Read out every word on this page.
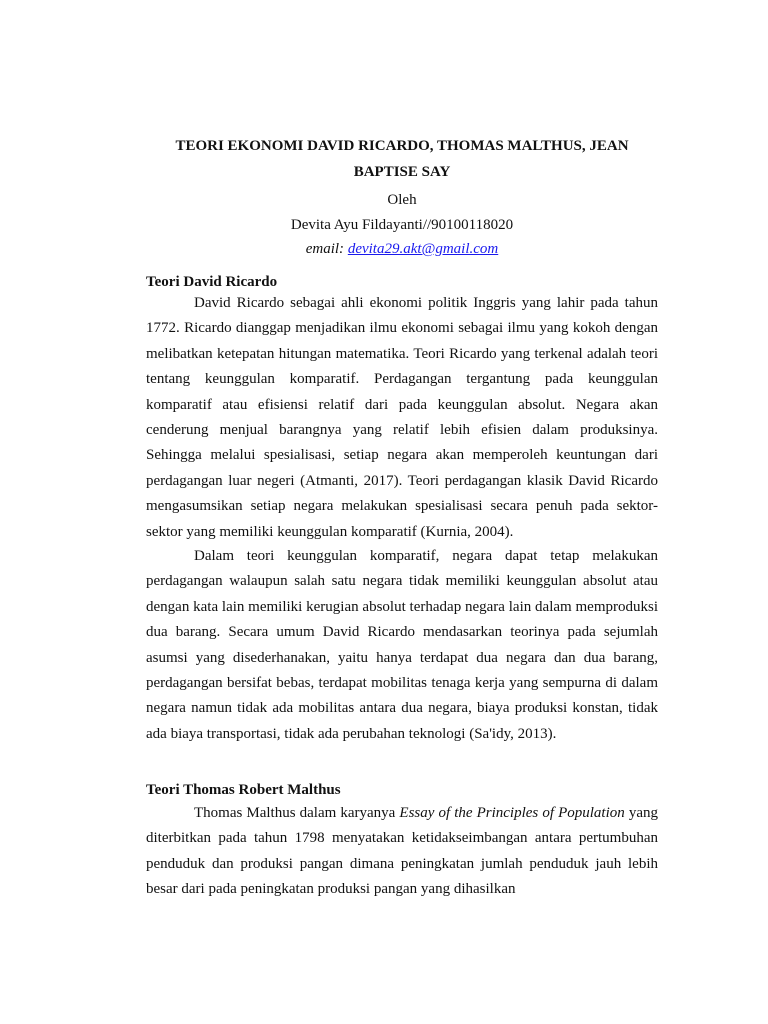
TEORI EKONOMI DAVID RICARDO, THOMAS MALTHUS, JEAN BAPTISE SAY
Oleh
Devita Ayu Fildayanti//90100118020
email: devita29.akt@gmail.com
Teori David Ricardo

David Ricardo sebagai ahli ekonomi politik Inggris yang lahir pada tahun 1772. Ricardo dianggap menjadikan ilmu ekonomi sebagai ilmu yang kokoh dengan melibatkan ketepatan hitungan matematika. Teori Ricardo yang terkenal adalah teori tentang keunggulan komparatif. Perdagangan tergantung pada keunggulan komparatif atau efisiensi relatif dari pada keunggulan absolut. Negara akan cenderung menjual barangnya yang relatif lebih efisien dalam produksinya. Sehingga melalui spesialisasi, setiap negara akan memperoleh keuntungan dari perdagangan luar negeri (Atmanti, 2017). Teori perdagangan klasik David Ricardo mengasumsikan setiap negara melakukan spesialisasi secara penuh pada sektor-sektor yang memiliki keunggulan komparatif (Kurnia, 2004).

Dalam teori keunggulan komparatif, negara dapat tetap melakukan perdagangan walaupun salah satu negara tidak memiliki keunggulan absolut atau dengan kata lain memiliki kerugian absolut terhadap negara lain dalam memproduksi dua barang. Secara umum David Ricardo mendasarkan teorinya pada sejumlah asumsi yang disederhanakan, yaitu hanya terdapat dua negara dan dua barang, perdagangan bersifat bebas, terdapat mobilitas tenaga kerja yang sempurna di dalam negara namun tidak ada mobilitas antara dua negara, biaya produksi konstan, tidak ada biaya transportasi, tidak ada perubahan teknologi (Sa'idy, 2013).

Teori Thomas Robert Malthus

Thomas Malthus dalam karyanya Essay of the Principles of Population yang diterbitkan pada tahun 1798 menyatakan ketidakseimbangan antara pertumbuhan penduduk dan produksi pangan dimana peningkatan jumlah penduduk jauh lebih besar dari pada peningkatan produksi pangan yang dihasilkan
